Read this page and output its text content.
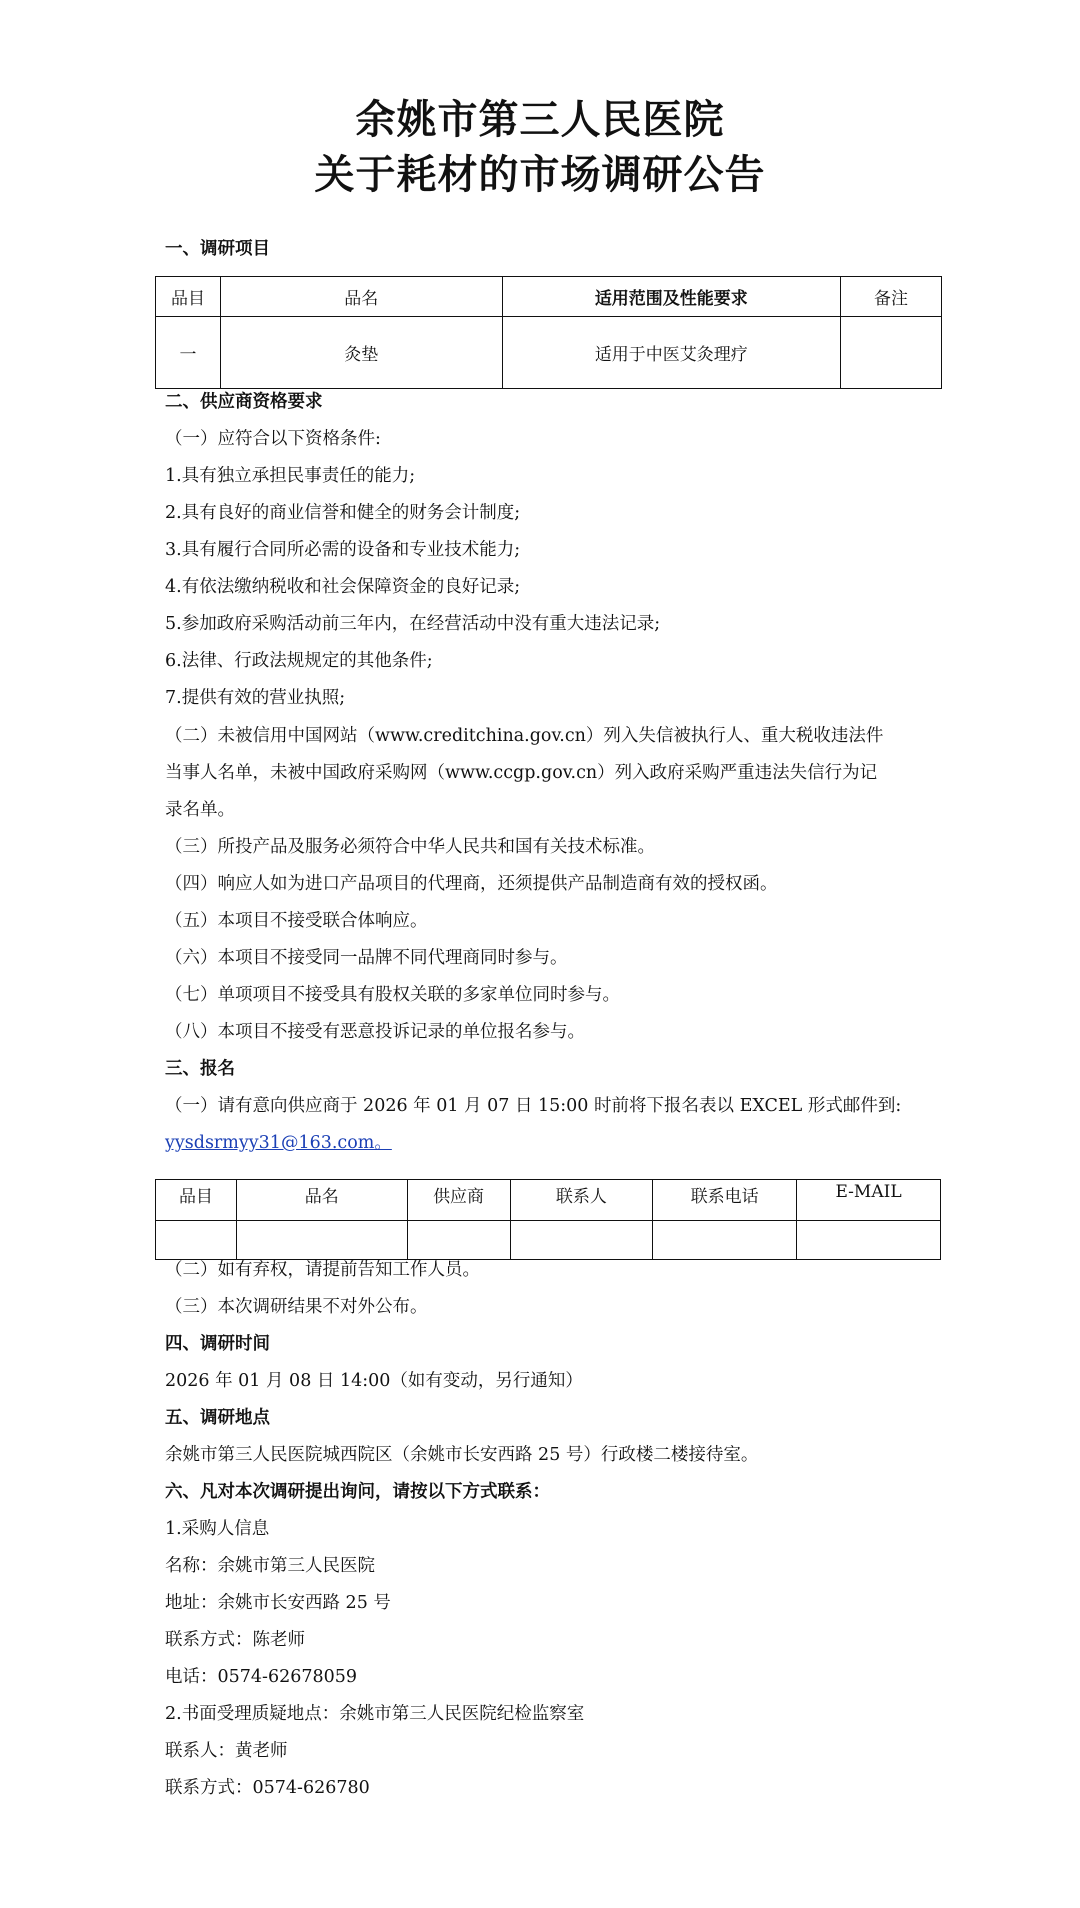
余姚市第三人民医院
关于耗材的市场调研公告
一、调研项目
品目	品名	适用范围及性能要求	备注
一	灸垫	适用于中医艾灸理疗	
二、供应商资格要求
（一）应符合以下资格条件:
1.具有独立承担民事责任的能力;
2.具有良好的商业信誉和健全的财务会计制度;
3.具有履行合同所必需的设备和专业技术能力;
4.有依法缴纳税收和社会保障资金的良好记录;
5.参加政府采购活动前三年内，在经营活动中没有重大违法记录;
6.法律、行政法规规定的其他条件;
7.提供有效的营业执照;
（二）未被信用中国网站（www.creditchina.gov.cn）列入失信被执行人、重大税收违法件
当事人名单，未被中国政府采购网（www.ccgp.gov.cn）列入政府采购严重违法失信行为记
录名单。
（三）所投产品及服务必须符合中华人民共和国有关技术标准。
（四）响应人如为进口产品项目的代理商，还须提供产品制造商有效的授权函。
（五）本项目不接受联合体响应。
（六）本项目不接受同一品牌不同代理商同时参与。
（七）单项项目不接受具有股权关联的多家单位同时参与。
（八）本项目不接受有恶意投诉记录的单位报名参与。
三、报名
（一）请有意向供应商于 2026 年 01 月 07 日 15:00 时前将下报名表以 EXCEL 形式邮件到:
yysdsrmyy31@163.com。
品目	品名	供应商	联系人	联系电话	E-MAIL

（二）如有弃权，请提前告知工作人员。
（三）本次调研结果不对外公布。
四、调研时间
2026 年 01 月 08 日 14:00（如有变动，另行通知）
五、调研地点
余姚市第三人民医院城西院区（余姚市长安西路 25 号）行政楼二楼接待室。
六、凡对本次调研提出询问，请按以下方式联系：
1.采购人信息
名称：余姚市第三人民医院
地址：余姚市长安西路 25 号
联系方式：陈老师
电话：0574-62678059
2.书面受理质疑地点：余姚市第三人民医院纪检监察室
联系人：黄老师
联系方式：0574-626780
